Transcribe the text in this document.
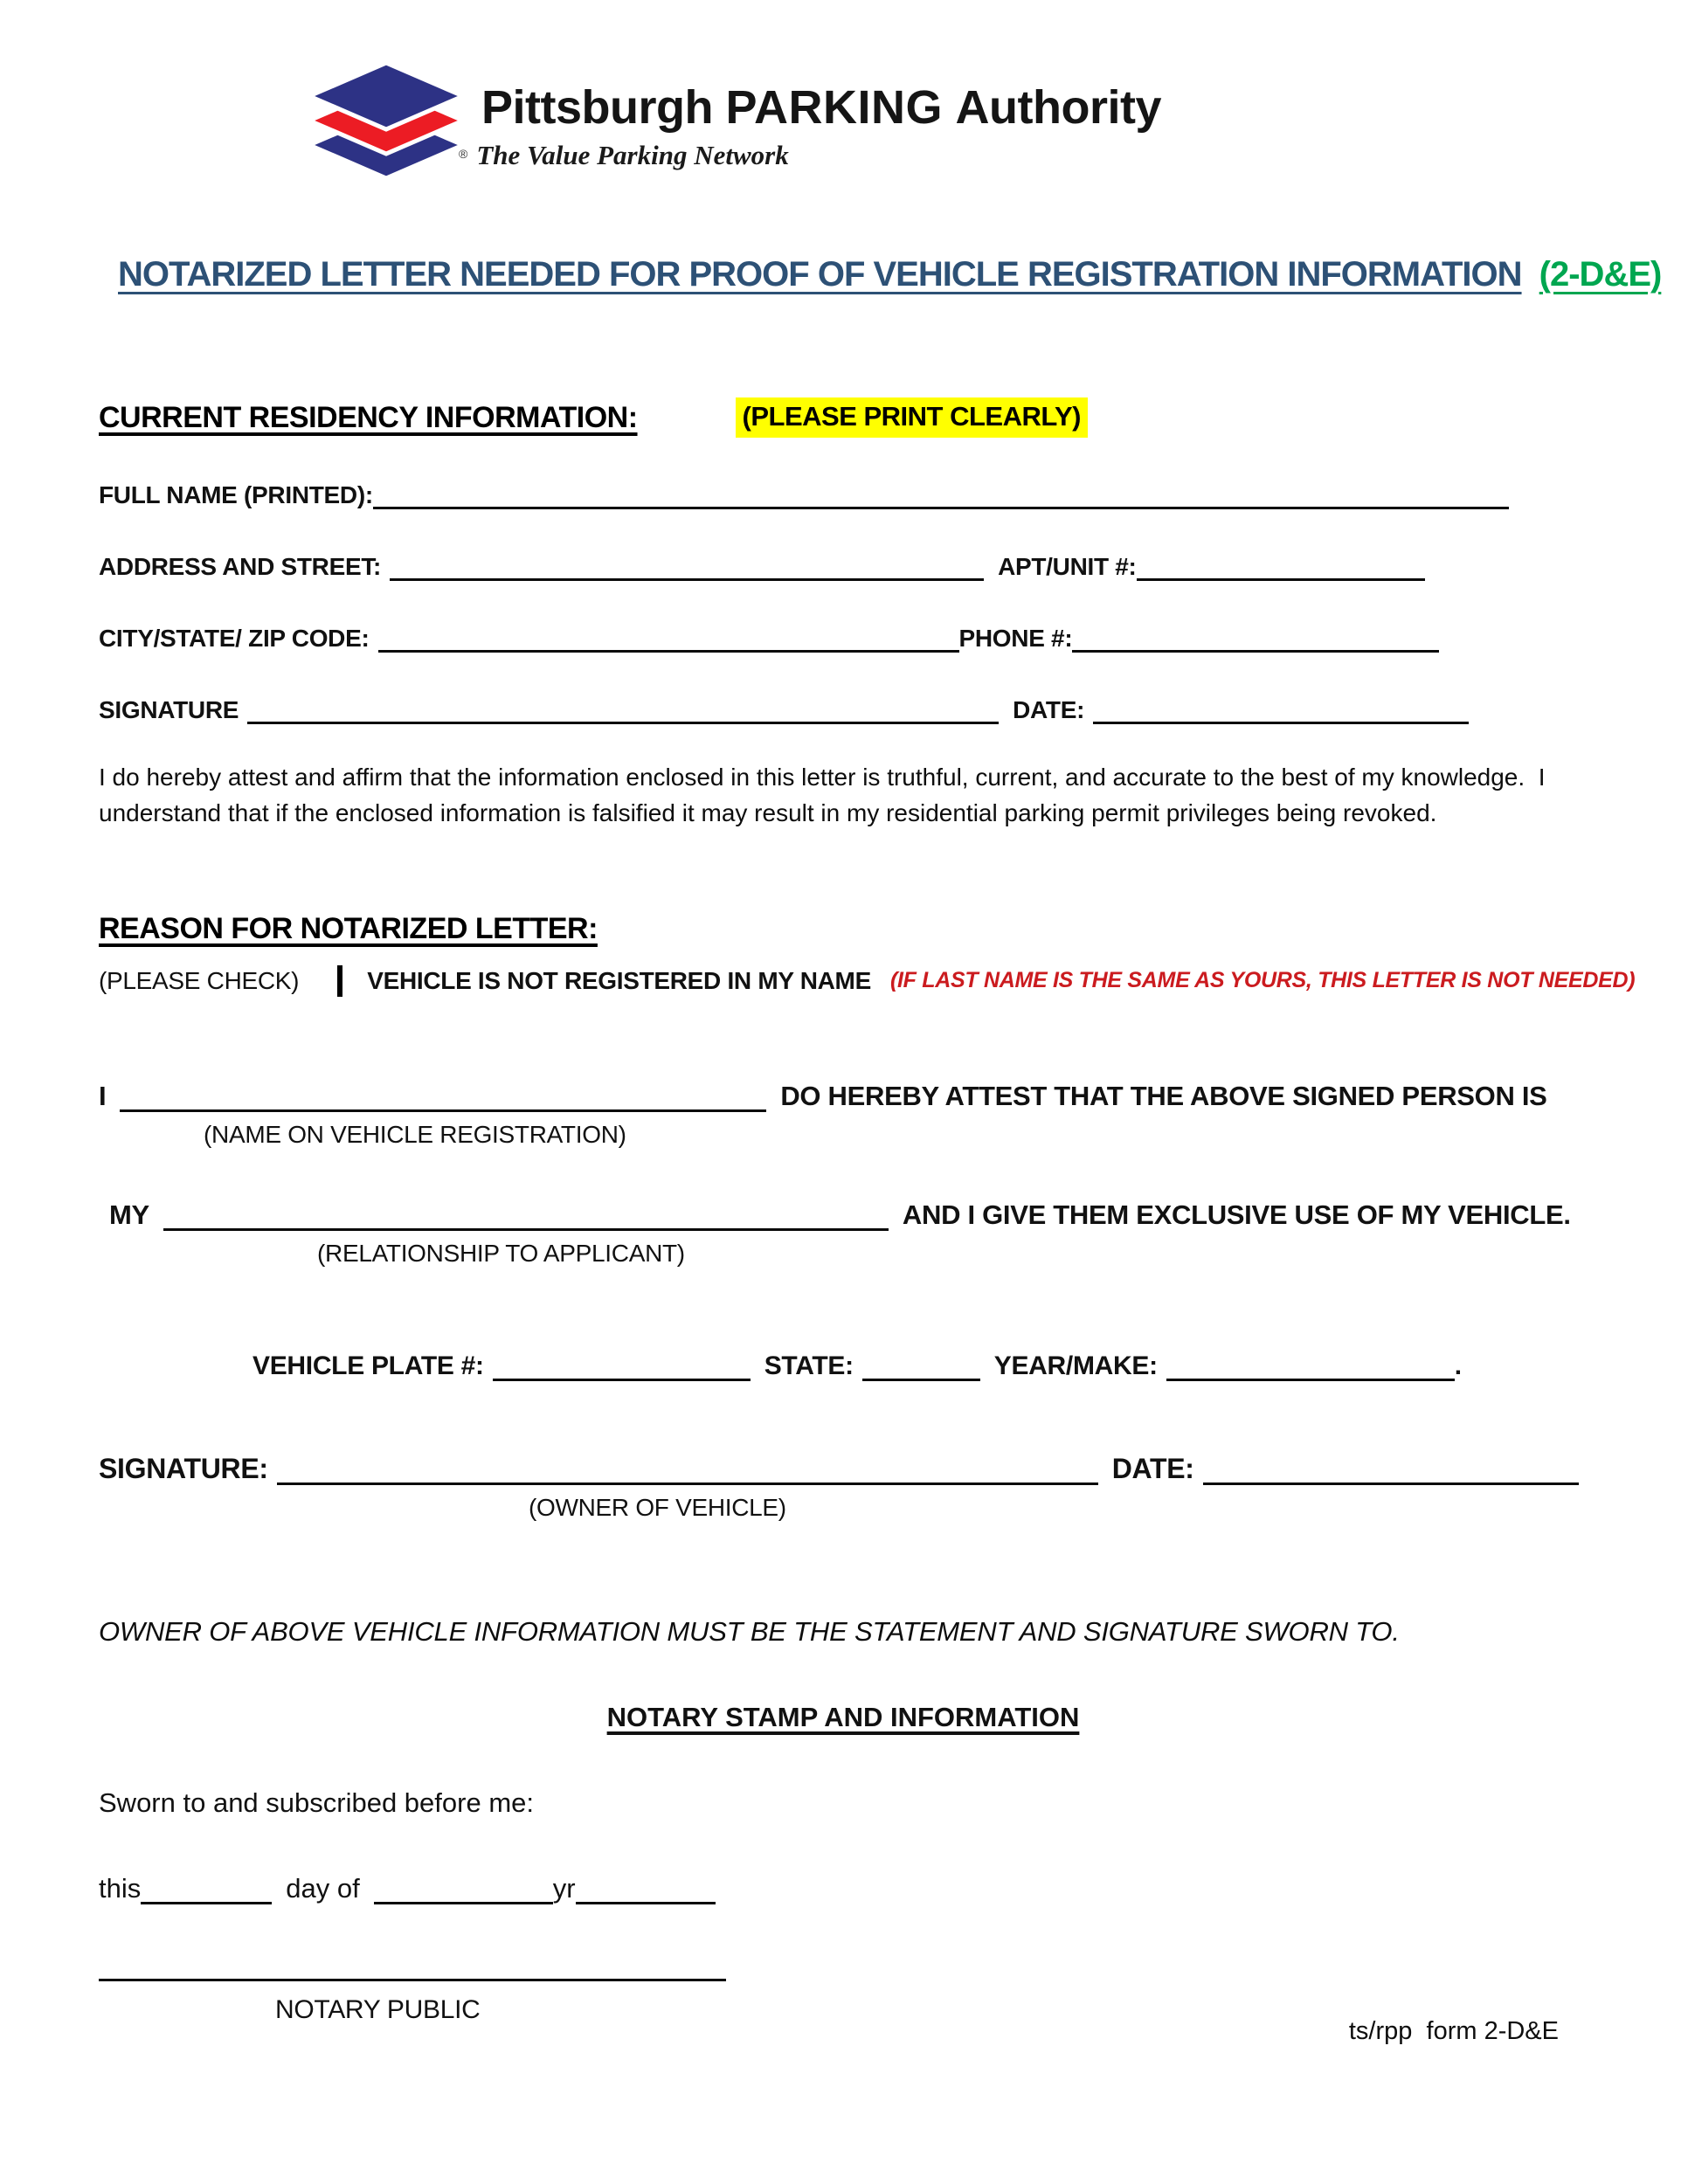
Pittsburgh PARKING Authority
® The Value Parking Network
NOTARIZED LETTER NEEDED FOR PROOF OF VEHICLE REGISTRATION INFORMATION (2-D&E)
CURRENT RESIDENCY INFORMATION:	(PLEASE PRINT CLEARLY)
FULL NAME (PRINTED):
ADDRESS AND STREET:	APT/UNIT #:
CITY/STATE/ ZIP CODE:	PHONE #:
SIGNATURE	DATE:

I do hereby attest and affirm that the information enclosed in this letter is truthful, current, and accurate to the best of my knowledge.  I understand that if the enclosed information is falsified it may result in my residential parking permit privileges being revoked.

REASON FOR NOTARIZED LETTER:
(PLEASE CHECK)	VEHICLE IS NOT REGISTERED IN MY NAME (IF LAST NAME IS THE SAME AS YOURS, THIS LETTER IS NOT NEEDED)
I	DO HEREBY ATTEST THAT THE ABOVE SIGNED PERSON IS
(NAME ON VEHICLE REGISTRATION)
MY	AND I GIVE THEM EXCLUSIVE USE OF MY VEHICLE.
(RELATIONSHIP TO APPLICANT)
VEHICLE PLATE #:	STATE:	YEAR/MAKE:	.
SIGNATURE:	DATE:
(OWNER OF VEHICLE)
OWNER OF ABOVE VEHICLE INFORMATION MUST BE THE STATEMENT AND SIGNATURE SWORN TO.
NOTARY STAMP AND INFORMATION
Sworn to and subscribed before me:
this	day of	yr
NOTARY PUBLIC
ts/rpp  form 2-D&E
